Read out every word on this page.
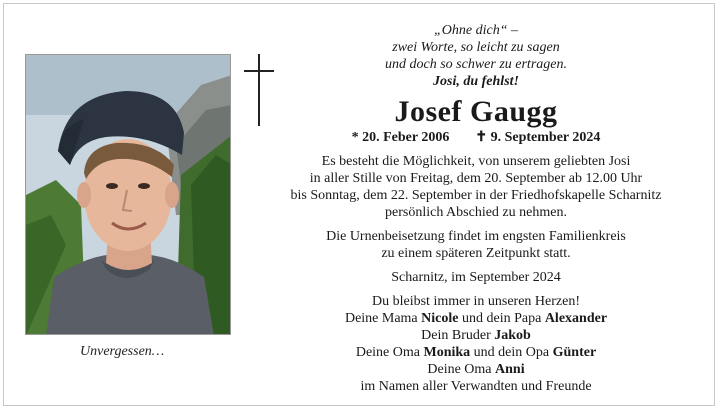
Unvergessen…
„Ohne dich“ –
zwei Worte, so leicht zu sagen
und doch so schwer zu ertragen.
Josi, du fehlst!
Josef Gaugg
* 20. Feber 2006 ✝ 9. September 2024
Es besteht die Möglichkeit, von unserem geliebten Josi
in aller Stille von Freitag, dem 20. September ab 12.00 Uhr
bis Sonntag, dem 22. September in der Friedhofskapelle Scharnitz
persönlich Abschied zu nehmen.
Die Urnenbeisetzung findet im engsten Familienkreis
zu einem späteren Zeitpunkt statt.
Scharnitz, im September 2024
Du bleibst immer in unseren Herzen!
Deine Mama Nicole und dein Papa Alexander
Dein Bruder Jakob
Deine Oma Monika und dein Opa Günter
Deine Oma Anni
im Namen aller Verwandten und Freunde
